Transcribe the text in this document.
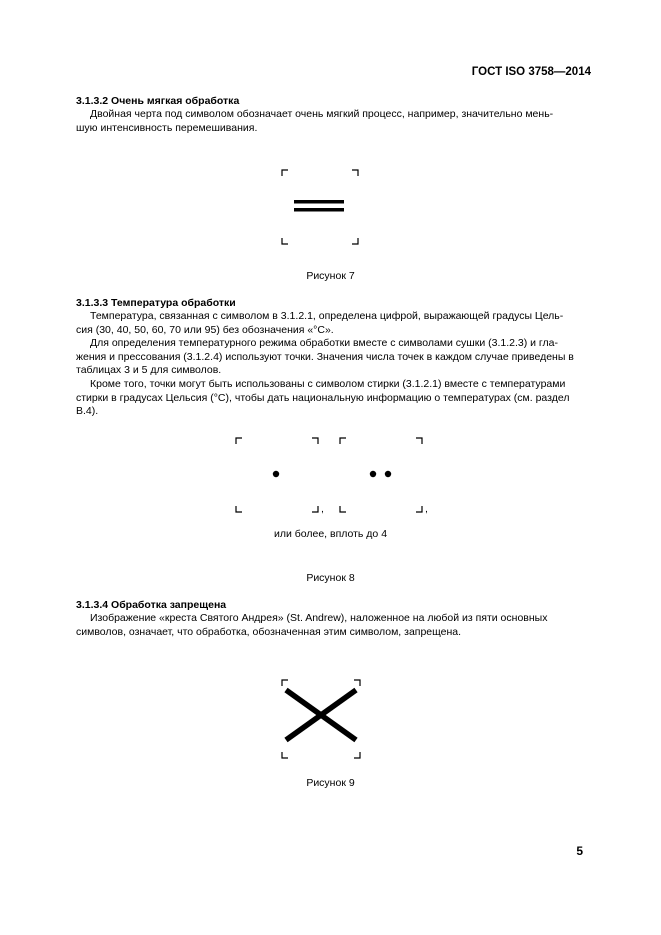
ГОСТ ISO 3758—2014
3.1.3.2 Очень мягкая обработка
Двойная черта под символом обозначает очень мягкий процесс, например, значительно мень-
шую интенсивность перемешивания.
Рисунок 7
3.1.3.3 Температура обработки
Температура, связанная с символом в 3.1.2.1, определена цифрой, выражающей градусы Цель-
сия (30, 40, 50, 60, 70 или 95) без обозначения «°С».
Для определения температурного режима обработки вместе с символами сушки (3.1.2.3) и гла-
жения и прессования (3.1.2.4) используют точки. Значения числа точек в каждом случае приведены в
таблицах 3 и 5 для символов.
Кроме того, точки могут быть использованы с символом стирки (3.1.2.1) вместе с температурами
стирки в градусах Цельсия (°С), чтобы дать национальную информацию о температурах (см. раздел
В.4).
,	,
или более, вплоть до 4
Рисунок 8
3.1.3.4 Обработка запрещена
Изображение «креста Святого Андрея» (St. Andrew), наложенное на любой из пяти основных
символов, означает, что обработка, обозначенная этим символом, запрещена.
Рисунок 9
5
